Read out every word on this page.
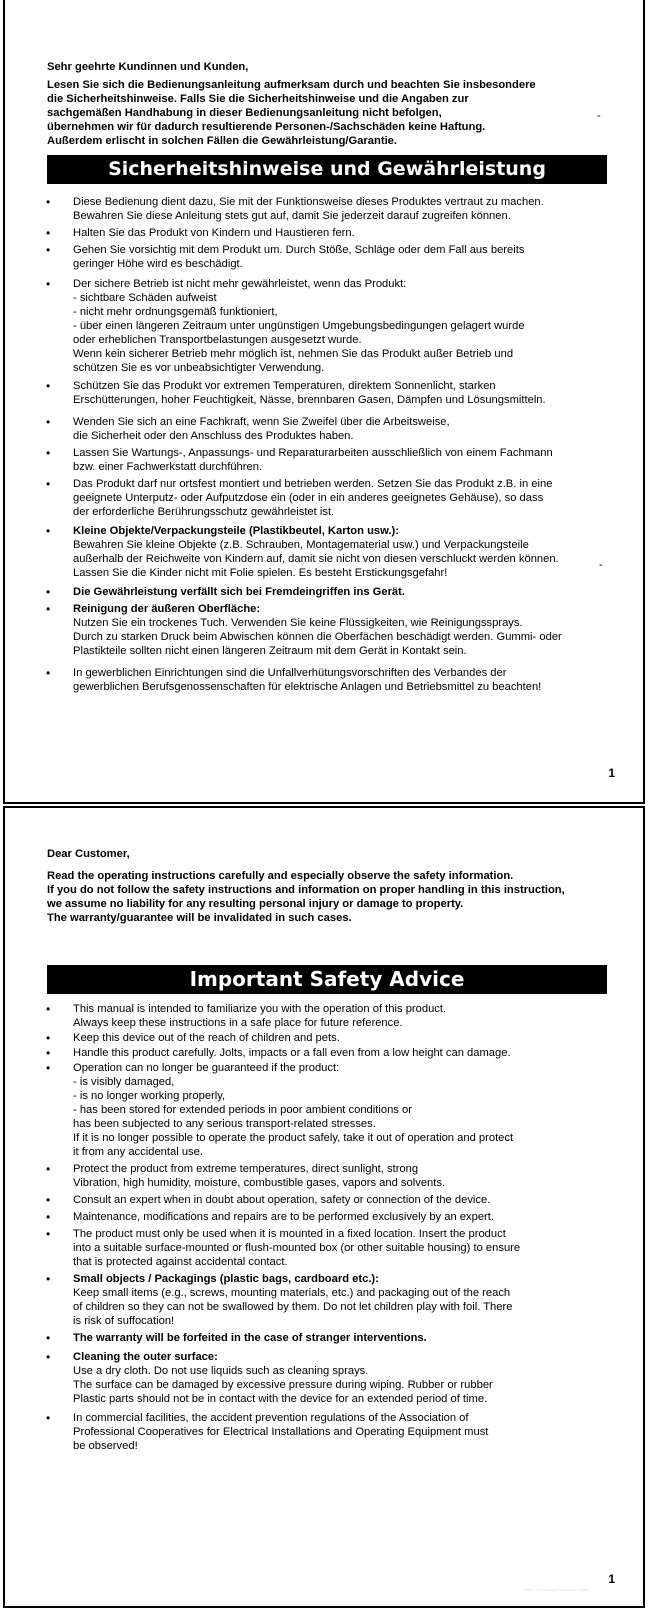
Sehr geehrte Kundinnen und Kunden,
Lesen Sie sich die Bedienungsanleitung aufmerksam durch und beachten Sie insbesondere
die Sicherheitshinweise. Falls Sie die Sicherheitshinweise und die Angaben zur
sachgemäßen Handhabung in dieser Bedienungsanleitung nicht befolgen,
übernehmen wir für dadurch resultierende Personen-/Sachschäden keine Haftung.
Außerdem erlischt in solchen Fällen die Gewährleistung/Garantie.
-
Sicherheitshinweise und Gewährleistung
• Diese Bedienung dient dazu, Sie mit der Funktionsweise dieses Produktes vertraut zu machen.
Bewahren Sie diese Anleitung stets gut auf, damit Sie jederzeit darauf zugreifen können.
• Halten Sie das Produkt von Kindern und Haustieren fern.
• Gehen Sie vorsichtig mit dem Produkt um. Durch Stöße, Schläge oder dem Fall aus bereits
geringer Höhe wird es beschädigt.
• Der sichere Betrieb ist nicht mehr gewährleistet, wenn das Produkt:
- sichtbare Schäden aufweist
- nicht mehr ordnungsgemäß funktioniert,
- über einen längeren Zeitraum unter ungünstigen Umgebungsbedingungen gelagert wurde
oder erheblichen Transportbelastungen ausgesetzt wurde.
Wenn kein sicherer Betrieb mehr möglich ist, nehmen Sie das Produkt außer Betrieb und
schützen Sie es vor unbeabsichtigter Verwendung.
• Schützen Sie das Produkt vor extremen Temperaturen, direktem Sonnenlicht, starken
Erschütterungen, hoher Feuchtigkeit, Nässe, brennbaren Gasen, Dämpfen und Lösungsmitteln.
• Wenden Sie sich an eine Fachkraft, wenn Sie Zweifel über die Arbeitsweise,
die Sicherheit oder den Anschluss des Produktes haben.
• Lassen Sie Wartungs-, Anpassungs- und Reparaturarbeiten ausschließlich von einem Fachmann
bzw. einer Fachwerkstatt durchführen.
• Das Produkt darf nur ortsfest montiert und betrieben werden. Setzen Sie das Produkt z.B. in eine
geeignete Unterputz- oder Aufputzdose ein (oder in ein anderes geeignetes Gehäuse), so dass
der erforderliche Berührungsschutz gewährleistet ist.
• Kleine Objekte/Verpackungsteile (Plastikbeutel, Karton usw.):
Bewahren Sie kleine Objekte (z.B. Schrauben, Montagematerial usw.) und Verpackungsteile
außerhalb der Reichweite von Kindern auf, damit sie nicht von diesen verschluckt werden können.
Lassen Sie die Kinder nicht mit Folie spielen. Es besteht Erstickungsgefahr!
• Die Gewährleistung verfällt sich bei Fremdeingriffen ins Gerät.
• Reinigung der äußeren Oberfläche:
Nutzen Sie ein trockenes Tuch. Verwenden Sie keine Flüssigkeiten, wie Reinigungssprays.
Durch zu starken Druck beim Abwischen können die Oberfächen beschädigt werden. Gummi- oder
Plastikteile sollten nicht einen längeren Zeitraum mit dem Gerät in Kontakt sein.
• In gewerblichen Einrichtungen sind die Unfallverhütungsvorschriften des Verbandes der
gewerblichen Berufsgenossenschaften für elektrische Anlagen und Betriebsmittel zu beachten!
-
1
Dear Customer,
Read the operating instructions carefully and especially observe the safety information.
If you do not follow the safety instructions and information on proper handling in this instruction,
we assume no liability for any resulting personal injury or damage to property.
The warranty/guarantee will be invalidated in such cases.
Important Safety Advice
• This manual is intended to familiarize you with the operation of this product.
Always keep these instructions in a safe place for future reference.
• Keep this device out of the reach of children and pets.
• Handle this product carefully. Jolts, impacts or a fall even from a low height can damage.
• Operation can no longer be guaranteed if the product:
- is visibly damaged,
- is no longer working properly,
- has been stored for extended periods in poor ambient conditions or
has been subjected to any serious transport-related stresses.
If it is no longer possible to operate the product safely, take it out of operation and protect
it from any accidental use.
• Protect the product from extreme temperatures, direct sunlight, strong
Vibration, high humidity, moisture, combustible gases, vapors and solvents.
• Consult an expert when in doubt about operation, safety or connection of the device.
• Maintenance, modifications and repairs are to be performed exclusively by an expert.
• The product must only be used when it is mounted in a fixed location. Insert the product
into a suitable surface-mounted or flush-mounted box (or other suitable housing) to ensure
that is protected against accidental contact.
• Small objects / Packagings (plastic bags, cardboard etc.):
Keep small items (e.g., screws, mounting materials, etc.) and packaging out of the reach
of children so they can not be swallowed by them. Do not let children play with foil. There
is risk of suffocation!
• The warranty will be forfeited in the case of stranger interventions.
• Cleaning the outer surface:
Use a dry cloth. Do not use liquids such as cleaning sprays.
The surface can be damaged by excessive pressure during wiping. Rubber or rubber
Plastic parts should not be in contact with the device for an extended period of time.
• In commercial facilities, the accident prevention regulations of the Association of
Professional Cooperatives for Electrical Installations and Operating Equipment must
be observed!
Wired Technology Electronics GmbH
1
